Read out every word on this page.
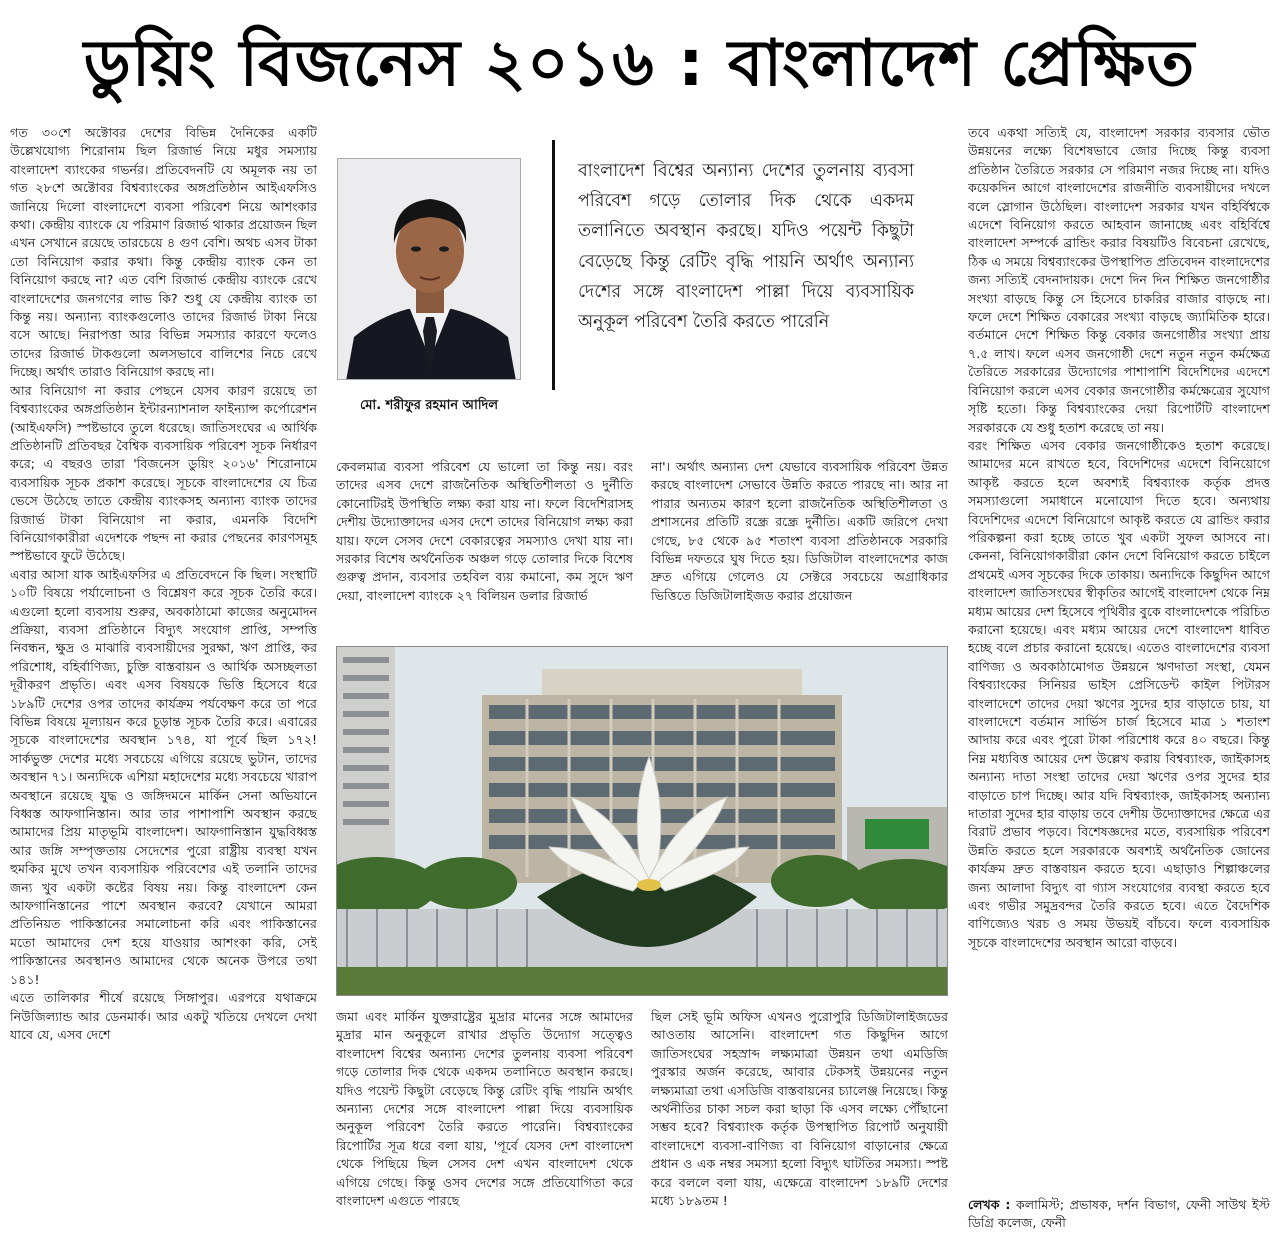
ডুয়িং বিজনেস ২০১৬ : বাংলাদেশ প্রেক্ষিত

গত ৩০শে অক্টোবর দেশের বিভিন্ন দৈনিকের একটি উল্লেখযোগ্য শিরোনাম ছিল রিজার্ভ নিয়ে মধুর সমস্যায় বাংলাদেশ ব্যাংকের গভর্নর। প্রতিবেদনটি যে অমূলক নয় তা গত ২৮শে অক্টোবর বিশ্বব্যাংকের অঙ্গপ্রতিষ্ঠান আইএফসিও জানিয়ে দিলো বাংলাদেশে ব্যবসা পরিবেশ নিয়ে আশংকার কথা। কেন্দ্রীয় ব্যাংকে যে পরিমাণ রিজার্ভ থাকার প্রয়োজন ছিল এখন সেখানে রয়েছে তারচেয়ে ৪ গুণ বেশি। অথচ এসব টাকা তো বিনিয়োগ করার কথা। কিন্তু কেন্দ্রীয় ব্যাংক কেন তা বিনিয়োগ করছে না? এত বেশি রিজার্ভ কেন্দ্রীয় ব্যাংকে রেখে বাংলাদেশের জনগণের লাভ কি? শুধু যে কেন্দ্রীয় ব্যাংক তা কিন্তু নয়। অন্যান্য ব্যাংকগুলোও তাদের রিজার্ভ টাকা নিয়ে বসে আছে। নিরাপত্তা আর বিভিন্ন সমস্যার কারণে ফলেও তাদের রিজার্ভ টাকগুলো অলসভাবে বালিশের নিচে রেখে দিচ্ছে। অর্থাৎ তারাও বিনিয়োগ করছে না।

আর বিনিয়োগ না করার পেছনে যেসব কারণ রয়েছে তা বিশ্বব্যাংকের অঙ্গপ্রতিষ্ঠান ইন্টারন্যাশনাল ফাইন্যান্স কর্পোরেশন (আইএফসি) স্পষ্টভাবে তুলে ধরেছে। জাতিসংঘের এ আর্থিক প্রতিষ্ঠানটি প্রতিবছর বৈশ্বিক ব্যবসায়িক পরিবেশ সূচক নির্ধারণ করে; এ বছরও তারা 'বিজনেস ডুয়িং ২০১৬' শিরোনামে ব্যবসায়িক সূচক প্রকাশ করেছে। সূচকে বাংলাদেশের যে চিত্র ভেসে উঠেছে তাতে কেন্দ্রীয় ব্যাংকসহ অন্যান্য ব্যাংক তাদের রিজার্ভ টাকা বিনিয়োগ না করার, এমনকি বিদেশি বিনিয়োগকারীরা এদেশকে পছন্দ না করার পেছনের কারণসমূহ স্পষ্টভাবে ফুটে উঠেছে।

এবার আসা যাক আইএফসির এ প্রতিবেদনে কি ছিল। সংস্থাটি ১০টি বিষয়ে পর্যালোচনা ও বিশ্লেষণ করে সূচক তৈরি করে। এগুলো হলো ব্যবসায় শুরুর, অবকাঠামো কাজের অনুমোদন প্রক্রিয়া, ব্যবসা প্রতিষ্ঠানে বিদ্যুৎ সংযোগ প্রাপ্তি, সম্পত্তি নিবন্ধন, ক্ষুদ্র ও মাঝারি ব্যবসায়ীদের সুরক্ষা, ঋণ প্রাপ্তি, কর পরিশোধ, বহির্বাণিজ্য, চুক্তি বাস্তবায়ন ও আর্থিক অসচ্ছলতা দূরীকরণ প্রভৃতি। এবং এসব বিষয়কে ভিত্তি হিসেবে ধরে ১৮৯টি দেশের ওপর তাদের কার্যক্রম পর্যবেক্ষণ করে তা পরে বিভিন্ন বিষয়ে মূল্যায়ন করে চূড়ান্ত সূচক তৈরি করে। এবারের সূচকে বাংলাদেশের অবস্থান ১৭৪, যা পূর্বে ছিল ১৭২! সার্কভুক্ত দেশের মধ্যে সবচেয়ে এগিয়ে রয়েছে ভুটান, তাদের অবস্থান ৭১। অন্যদিকে এশিয়া মহাদেশের মধ্যে সবচেয়ে খারাপ অবস্থানে রয়েছে যুদ্ধ ও জঙ্গিদমনে মার্কিন সেনা অভিযানে বিধ্বস্ত আফগানিস্তান। আর তার পাশাপাশি অবস্থান করছে আমাদের প্রিয় মাতৃভূমি বাংলাদেশ। আফগানিস্তান যুদ্ধবিধ্বস্ত আর জঙ্গি সম্পৃক্ততায় সেদেশের পুরো রাষ্ট্রীয় ব্যবস্থা যখন হুমকির মুখে তখন ব্যবসায়িক পরিবেশের এই তলানি তাদের জন্য খুব একটা কষ্টের বিষয় নয়। কিন্তু বাংলাদেশ কেন আফগানিস্তানের পাশে অবস্থান করবে? যেখানে আমরা প্রতিনিয়ত পাকিস্তানের সমালোচনা করি এবং পাকিস্তানের মতো আমাদের দেশ হয়ে যাওয়ার আশংকা করি, সেই পাকিস্তানের অবস্থানও আমাদের থেকে অনেক উপরে তথা ১৪১!

এতে তালিকার শীর্ষে রয়েছে সিঙ্গাপুর। এরপরে যথাক্রমে নিউজিল্যান্ড আর ডেনমার্ক। আর একটু খতিয়ে দেখলে দেখা যাবে যে, এসব দেশে

মো. শরীফুর রহমান আদিল
বাংলাদেশ বিশ্বের অন্যান্য দেশের তুলনায় ব্যবসা পরিবেশ গড়ে তোলার দিক থেকে একদম তলানিতে অবস্থান করছে। যদিও পয়েন্ট কিছুটা বেড়েছে কিন্তু রেটিং বৃদ্ধি পায়নি অর্থাৎ অন্যান্য দেশের সঙ্গে বাংলাদেশ পাল্লা দিয়ে ব্যবসায়িক অনুকূল পরিবেশ তৈরি করতে পারেনি
কেবলমাত্র ব্যবসা পরিবেশ যে ভালো তা কিন্তু নয়। বরং তাদের এসব দেশে রাজনৈতিক অস্থিতিশীলতা ও দুর্নীতি কোনোটিরই উপস্থিতি লক্ষ্য করা যায় না। ফলে বিদেশিরাসহ দেশীয় উদ্যোক্তাদের এসব দেশে তাদের বিনিয়োগ লক্ষ্য করা যায়। ফলে সেসব দেশে বেকারত্বের সমস্যাও দেখা যায় না। সরকার বিশেষ অর্থনৈতিক অঞ্চল গড়ে তোলার দিকে বিশেষ গুরুত্ব প্রদান, ব্যবসার তহবিল ব্যয় কমানো, কম সুদে ঋণ দেয়া, বাংলাদেশ ব্যাংকে ২৭ বিলিয়ন ডলার রিজার্ভ
না'। অর্থাৎ অন্যান্য দেশ যেভাবে ব্যবসায়িক পরিবেশ উন্নত করছে বাংলাদেশ সেভাবে উন্নতি করতে পারছে না। আর না পারার অন্যতম কারণ হলো রাজনৈতিক অস্থিতিশীলতা ও প্রশাসনের প্রতিটি রন্ধ্রে রন্ধ্রে দুর্নীতি। একটি জরিপে দেখা গেছে, ৮৫ থেকে ৯৫ শতাংশ ব্যবসা প্রতিষ্ঠানকে সরকারি বিভিন্ন দফতরে ঘুষ দিতে হয়। ডিজিটাল বাংলাদেশের কাজ দ্রুত এগিয়ে গেলেও যে সেক্টরে সবচেয়ে অগ্রাধিকার ভিত্তিতে ডিজিটালাইজড করার প্রয়োজন
জমা এবং মার্কিন যুক্তরাষ্ট্রের মুদ্রার মানের সঙ্গে আমাদের মুদ্রার মান অনুকূলে রাখার প্রভৃতি উদ্যোগ সত্ত্বেও বাংলাদেশ বিশ্বের অন্যান্য দেশের তুলনায় ব্যবসা পরিবেশ গড়ে তোলার দিক থেকে একদম তলানিতে অবস্থান করছে। যদিও পয়েন্ট কিছুটা বেড়েছে কিন্তু রেটিং বৃদ্ধি পায়নি অর্থাৎ অন্যান্য দেশের সঙ্গে বাংলাদেশ পাল্লা দিয়ে ব্যবসায়িক অনুকূল পরিবেশ তৈরি করতে পারেনি। বিশ্বব্যাংকের রিপোর্টির সূত্র ধরে বলা যায়, 'পূর্বে যেসব দেশ বাংলাদেশ থেকে পিছিয়ে ছিল সেসব দেশ এখন বাংলাদেশ থেকে এগিয়ে গেছে। কিন্তু ওসব দেশের সঙ্গে প্রতিযোগিতা করে বাংলাদেশ এগুতে পারছে
ছিল সেই ভূমি অফিস এখনও পুরোপুরি ডিজিটালাইজডের আওতায় আসেনি। বাংলাদেশ গত কিছুদিন আগে জাতিসংঘের সহস্রাব্দ লক্ষ্যমাত্রা উন্নয়ন তথা এমডিজি পুরস্কার অর্জন করেছে, আবার টেকসই উন্নয়নের নতুন লক্ষ্যমাত্রা তথা এসডিজি বাস্তবায়নের চ্যালেঞ্জ নিয়েছে। কিন্তু অর্থনীতির চাকা সচল করা ছাড়া কি এসব লক্ষ্যে পৌঁছানো সম্ভব হবে? বিশ্বব্যাংক কর্তৃক উপস্থাপিত রিপোর্ট অনুযায়ী বাংলাদেশে ব্যবসা-বাণিজ্য বা বিনিয়োগ বাড়ানোর ক্ষেত্রে প্রধান ও এক নম্বর সমস্যা হলো বিদ্যুৎ ঘাটতির সমস্যা। স্পষ্ট করে বললে বলা যায়, এক্ষেত্রে বাংলাদেশ ১৮৯টি দেশের মধ্যে ১৮৯তম !

তবে একথা সত্যিই যে, বাংলাদেশ সরকার ব্যবসার ভৌত উন্নয়নের লক্ষ্যে বিশেষভাবে জোর দিচ্ছে কিন্তু ব্যবসা প্রতিষ্ঠান তৈরিতে সরকার সে পরিমাণ নজর দিচ্ছে না। যদিও কয়েকদিন আগে বাংলাদেশের রাজনীতি ব্যবসায়ীদের দখলে বলে স্লোগান উঠেছিল। বাংলাদেশ সরকার যখন বহির্বিশ্বকে এদেশে বিনিয়োগ করতে আহবান জানাচ্ছে এবং বহির্বিশ্বে বাংলাদেশ সম্পর্কে ব্রান্ডিং করার বিষয়টিও বিবেচনা রেখেছে, ঠিক এ সময়ে বিশ্বব্যাংকের উপস্থাপিত প্রতিবেদন বাংলাদেশের জন্য সত্যিই বেদনাদায়ক। দেশে দিন দিন শিক্ষিত জনগোষ্ঠীর সংখ্যা বাড়ছে কিন্তু সে হিসেবে চাকরির বাজার বাড়ছে না। ফলে দেশে শিক্ষিত বেকারের সংখ্যা বাড়ছে জ্যামিতিক হারে। বর্তমানে দেশে শিক্ষিত কিন্তু বেকার জনগোষ্ঠীর সংখ্যা প্রায় ৭.৫ লাখ। ফলে এসব জনগোষ্ঠী দেশে নতুন নতুন কর্মক্ষেত্র তৈরিতে সরকারের উদ্যোগের পাশাপাশি বিদেশিদের এদেশে বিনিয়োগ করলে এসব বেকার জনগোষ্ঠীর কর্মক্ষেত্রের সুযোগ সৃষ্টি হতো। কিন্তু বিশ্বব্যাংকের দেয়া রিপোর্টটি বাংলাদেশ সরকারকে যে শুধু হতাশ করেছে তা নয়।

বরং শিক্ষিত এসব বেকার জনগোষ্ঠীকেও হতাশ করেছে। আমাদের মনে রাখতে হবে, বিদেশিদের এদেশে বিনিয়োগে আকৃষ্ট করতে হলে অবশ্যই বিশ্বব্যাংক কর্তৃক প্রদত্ত সমস্যাগুলো সমাধানে মনোযোগ দিতে হবে। অন্যথায় বিদেশিদের এদেশে বিনিয়োগে আকৃষ্ট করতে যে ব্রান্ডিং করার পরিকল্পনা করা হচ্ছে তাতে খুব একটা সুফল আসবে না। কেননা, বিনিয়োগকারীরা কোন দেশে বিনিয়োগ করতে চাইলে প্রথমেই এসব সূচকের দিকে তাকায়। অন্যদিকে কিছুদিন আগে বাংলাদেশ জাতিসংঘের স্বীকৃতির আগেই বাংলাদেশ থেকে নিম্ন মধ্যম আয়ের দেশ হিসেবে পৃথিবীর বুকে বাংলাদেশকে পরিচিত করানো হয়েছে। এবং মধ্যম আয়ের দেশে বাংলাদেশ ধাবিত হচ্ছে বলে প্রচার করানো হয়েছে। এতেও বাংলাদেশের ব্যবসা বাণিজ্য ও অবকাঠামোগত উন্নয়নে ঋণদাতা সংস্থা, যেমন বিশ্বব্যাংকের সিনিয়র ভাইস প্রেসিডেন্ট কাইল পিটারস বাংলাদেশে তাদের দেয়া ঋণের সুদের হার বাড়াতে চায়, যা বাংলাদেশে বর্তমান সার্ভিস চার্জ হিসেবে মাত্র ১ শতাংশ আদায় করে এবং পুরো টাকা পরিশোধ করে ৪০ বছরে। কিন্তু নিম্ন মধ্যবিত্ত আয়ের দেশ উল্লেখ করায় বিশ্বব্যাংক, জাইকাসহ অন্যান্য দাতা সংস্থা তাদের দেয়া ঋণের ওপর সুদের হার বাড়াতে চাপ দিচ্ছে। আর যদি বিশ্বব্যাংক, জাইকাসহ অন্যান্য দাতারা সুদের হার বাড়ায় তবে দেশীয় উদ্যোক্তাদের ক্ষেত্রে এর বিরাট প্রভাব পড়বে। বিশেষজ্ঞদের মতে, ব্যবসায়িক পরিবেশ উন্নতি করতে হলে সরকারকে অবশ্যই অর্থনৈতিক জোনের কার্যক্রম দ্রুত বাস্তবায়ন করতে হবে। এছাড়াও শিল্পাঞ্চলের জন্য আলাদা বিদ্যুৎ বা গ্যাস সংযোগের ব্যবস্থা করতে হবে এবং গভীর সমুদ্রবন্দর তৈরি করতে হবে। এতে বৈদেশিক বাণিজ্যেও খরচ ও সময় উভয়ই বাঁচবে। ফলে ব্যবসায়িক সূচকে বাংলাদেশের অবস্থান আরো বাড়বে।

লেখক : কলামিস্ট; প্রভাষক, দর্শন বিভাগ, ফেনী সাউথ ইস্ট ডিগ্রি কলেজ, ফেনী
